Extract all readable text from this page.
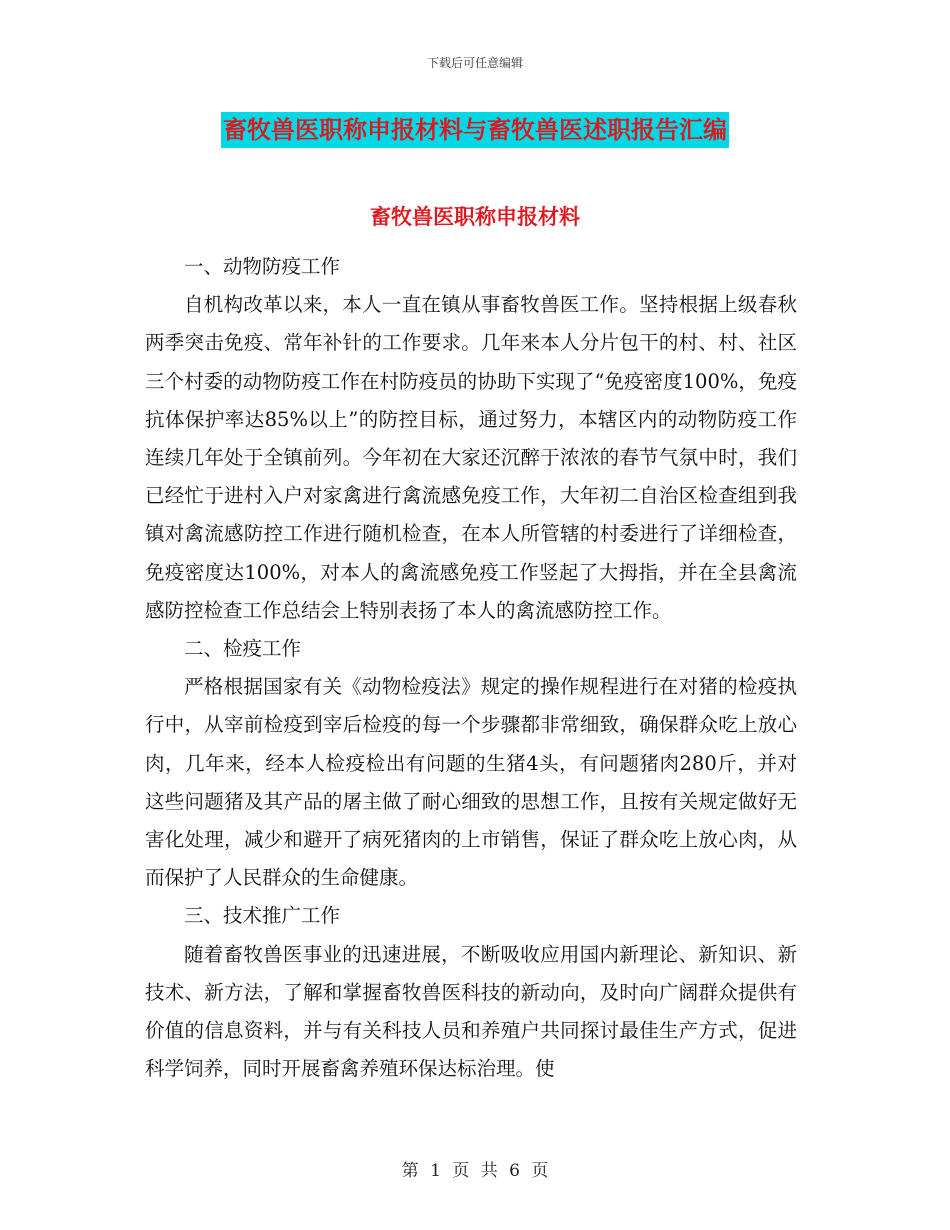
下载后可任意编辑
畜牧兽医职称申报材料与畜牧兽医述职报告汇编
畜牧兽医职称申报材料

一、动物防疫工作

自机构改革以来，本人一直在镇从事畜牧兽医工作。坚持根据上级春秋两季突击免疫、常年补针的工作要求。几年来本人分片包干的村、村、社区三个村委的动物防疫工作在村防疫员的协助下实现了“免疫密度100%，免疫抗体保护率达85%以上”的防控目标，通过努力，本辖区内的动物防疫工作连续几年处于全镇前列。今年初在大家还沉醉于浓浓的春节气氛中时，我们已经忙于进村入户对家禽进行禽流感免疫工作，大年初二自治区检查组到我镇对禽流感防控工作进行随机检查，在本人所管辖的村委进行了详细检查，免疫密度达100%，对本人的禽流感免疫工作竖起了大拇指，并在全县禽流感防控检查工作总结会上特别表扬了本人的禽流感防控工作。

二、检疫工作

严格根据国家有关《动物检疫法》规定的操作规程进行在对猪的检疫执行中，从宰前检疫到宰后检疫的每一个步骤都非常细致，确保群众吃上放心肉，几年来，经本人检疫检出有问题的生猪4头，有问题猪肉280斤，并对这些问题猪及其产品的屠主做了耐心细致的思想工作，且按有关规定做好无害化处理，减少和避开了病死猪肉的上市销售，保证了群众吃上放心肉，从而保护了人民群众的生命健康。

三、技术推广工作

随着畜牧兽医事业的迅速进展，不断吸收应用国内新理论、新知识、新技术、新方法，了解和掌握畜牧兽医科技的新动向，及时向广阔群众提供有价值的信息资料，并与有关科技人员和养殖户共同探讨最佳生产方式，促进科学饲养，同时开展畜禽养殖环保达标治理。使

第 1 页 共 6 页
